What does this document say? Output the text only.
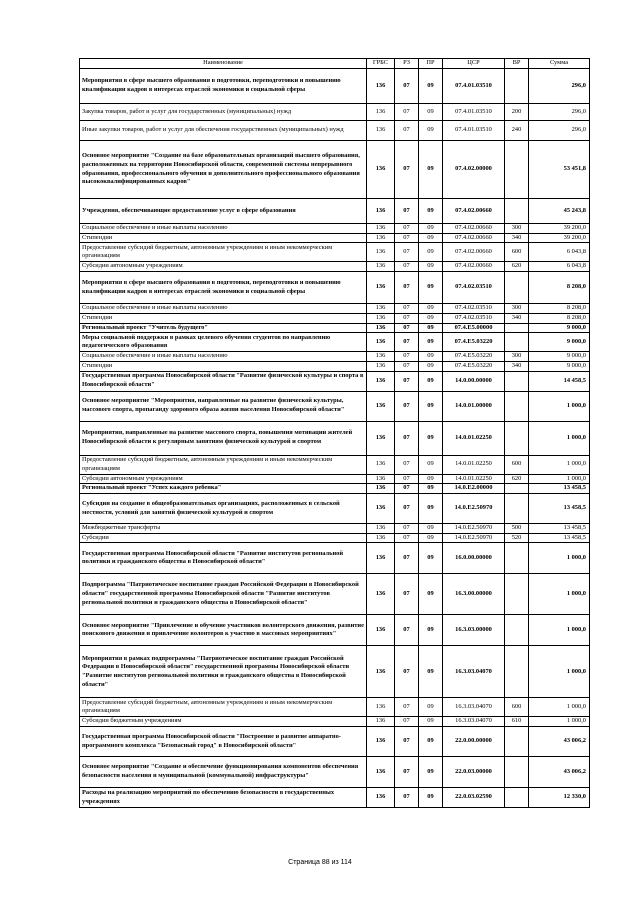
Наименование	ГРБС	РЗ	ПР	ЦСР	ВР	Сумма
Мероприятия в сфере высшего образования в подготовки, переподготовки и повышению квалификации кадров в интересах отраслей экономики и социальной сферы	136	07	09	07.4.01.03510		296,0
Закупка товаров, работ и услуг для государственных (муниципальных) нужд	136	07	09	07.4.01.03510	200	296,0
Иные закупки товаров, работ и услуг для обеспечения государственных (муниципальных) нужд	136	07	09	07.4.01.03510	240	296,0
Основное мероприятие "Создание на базе образовательных организаций высшего образования, расположенных на территории Новосибирской области, современной системы непрерывного образования, профессионального обучения и дополнительного профессионального образования высококвалифицированных кадров"	136	07	09	07.4.02.00000		53 451,8
Учреждения, обеспечивающие предоставление услуг в сфере образования	136	07	09	07.4.02.00660		45 243,8
Социальное обеспечение и иные выплаты населению	136	07	09	07.4.02.00660	300	39 200,0
Стипендии	136	07	09	07.4.02.00660	340	39 200,0
Предоставление субсидий бюджетным, автономным учреждениям и иным некоммерческим организациям	136	07	09	07.4.02.00660	600	6 043,8
Субсидии автономным учреждениям	136	07	09	07.4.02.00660	620	6 043,8
Мероприятия в сфере высшего образования в подготовки, переподготовки и повышению квалификации кадров в интересах отраслей экономики и социальной сферы	136	07	09	07.4.02.03510		8 208,0
Социальное обеспечение и иные выплаты населению	136	07	09	07.4.02.03510	300	8 208,0
Стипендии	136	07	09	07.4.02.03510	340	8 208,0
Региональный проект "Учитель будущего"	136	07	09	07.4.E5.00000		9 000,0
Меры социальной поддержки в рамках целевого обучения студентов по направлению педагогического образования	136	07	09	07.4.E5.03220		9 000,0
Социальное обеспечение и иные выплаты населению	136	07	09	07.4.E5.03220	300	9 000,0
Стипендии	136	07	09	07.4.E5.03220	340	9 000,0
Государственная программа Новосибирской области "Развитие физической культуры и спорта в Новосибирской области"	136	07	09	14.0.00.00000		14 458,5
Основное мероприятие "Мероприятия, направленные на развитие физической культуры, массового спорта, пропаганду здорового образа жизни населения Новосибирской области"	136	07	09	14.0.01.00000		1 000,0
Мероприятия, направленные на развитие массового спорта, повышения мотивации жителей Новосибирской области к регулярным занятиям физической культурой и спортом	136	07	09	14.0.01.02250		1 000,0
Предоставление субсидий бюджетным, автономным учреждениям и иным некоммерческим организациям	136	07	09	14.0.01.02250	600	1 000,0
Субсидии автономным учреждениям	136	07	09	14.0.01.02250	620	1 000,0
Региональный проект "Успех каждого ребенка"	136	07	09	14.0.E2.00000		13 458,5
Субсидии на создание в общеобразовательных организациях, расположенных в сельской местности, условий для занятий физической культурой и спортом	136	07	09	14.0.E2.50970		13 458,5
Межбюджетные трансферты	136	07	09	14.0.E2.50970	500	13 458,5
Субсидии	136	07	09	14.0.E2.50970	520	13 458,5
Государственная программа Новосибирской области "Развитие институтов региональной политики и гражданского общества в Новосибирской области"	136	07	09	16.0.00.00000		1 000,0
Подпрограмма "Патриотическое воспитание граждан Российской Федерации в Новосибирской области" государственной программы Новосибирской области "Развитие институтов региональной политики и гражданского общества в Новосибирской области"	136	07	09	16.3.00.00000		1 000,0
Основное мероприятие "Привлечение и обучение участников волонтерского движения, развитие поискового движения и привлечение волонтеров к участию в массовых мероприятиях"	136	07	09	16.3.03.00000		1 000,0
Мероприятия в рамках подпрограммы "Патриотическое воспитание граждан Российской Федерации в Новосибирской области" государственной программы Новосибирской области "Развитие институтов региональной политики и гражданского общества в Новосибирской области"	136	07	09	16.3.03.04070		1 000,0
Предоставление субсидий бюджетным, автономным учреждениям и иным некоммерческим организациям	136	07	09	16.3.03.04070	600	1 000,0
Субсидии бюджетным учреждениям	136	07	09	16.3.03.04070	610	1 000,0
Государственная программа Новосибирской области "Построение и развитие аппаратно-программного комплекса "Безопасный город" в Новосибирской области"	136	07	09	22.0.00.00000		43 006,2
Основное мероприятие "Создание и обеспечение функционирования компонентов обеспечения безопасности населения и муниципальной (коммунальной) инфраструктуры"	136	07	09	22.0.03.00000		43 006,2
Расходы на реализацию мероприятий по обеспечению безопасности в государственных учреждениях	136	07	09	22.0.03.02590		12 330,0
Страница 88 из 114
